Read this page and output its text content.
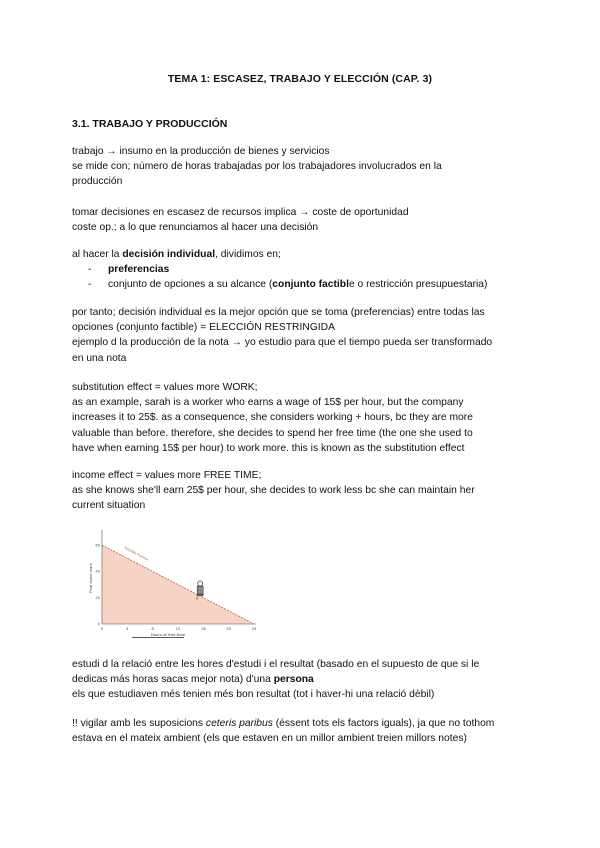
TEMA 1: ESCASEZ, TRABAJO Y ELECCIÓN (CAP. 3)
3.1. TRABAJO Y PRODUCCIÓN
trabajo → insumo en la producción de bienes y servicios
se mide con; número de horas trabajadas por los trabajadores involucrados en la
producción
tomar decisiones en escasez de recursos implica → coste de oportunidad
coste op.; a lo que renunciamos al hacer una decisión
al hacer la decisión individual, dividimos en;
- preferencias
- conjunto de opciones a su alcance (conjunto factible o restricción presupuestaria)
por tanto; decisión individual es la mejor opción que se toma (preferencias) entre todas las
opciones (conjunto factible) = ELECCIÓN RESTRINGIDA
ejemplo d la producción de la nota → yo estudio para que el tiempo pueda ser transformado
en una nota
substitution effect = values more WORK;
as an example, sarah is a worker who earns a wage of 15$ per hour, but the company
increases it to 25$. as a consequence, she considers working + hours, bc they are more
valuable than before. therefore, she decides to spend her free time (the one she used to
have when earning 15$ per hour) to work more. this is known as the substitution effect
income effect = values more FREE TIME;
as she knows she'll earn 25$ per hour, she decides to work less bc she can maintain her
current situation
0	4	8	12	16	20	24
0
20
40
60
Hours of free time
Final exam mark
feasible frontier
A
estudi d la relació entre les hores d'estudi i el resultat (basado en el supuesto de que si le
dedicas más horas sacas mejor nota) d'una persona
els que estudiaven més tenien més bon resultat (tot i haver-hi una relació dèbil)
!! vigilar amb les suposicions ceteris paribus (éssent tots els factors iguals), ja que no tothom
estava en el mateix ambient (els que estaven en un millor ambient treien millors notes)
